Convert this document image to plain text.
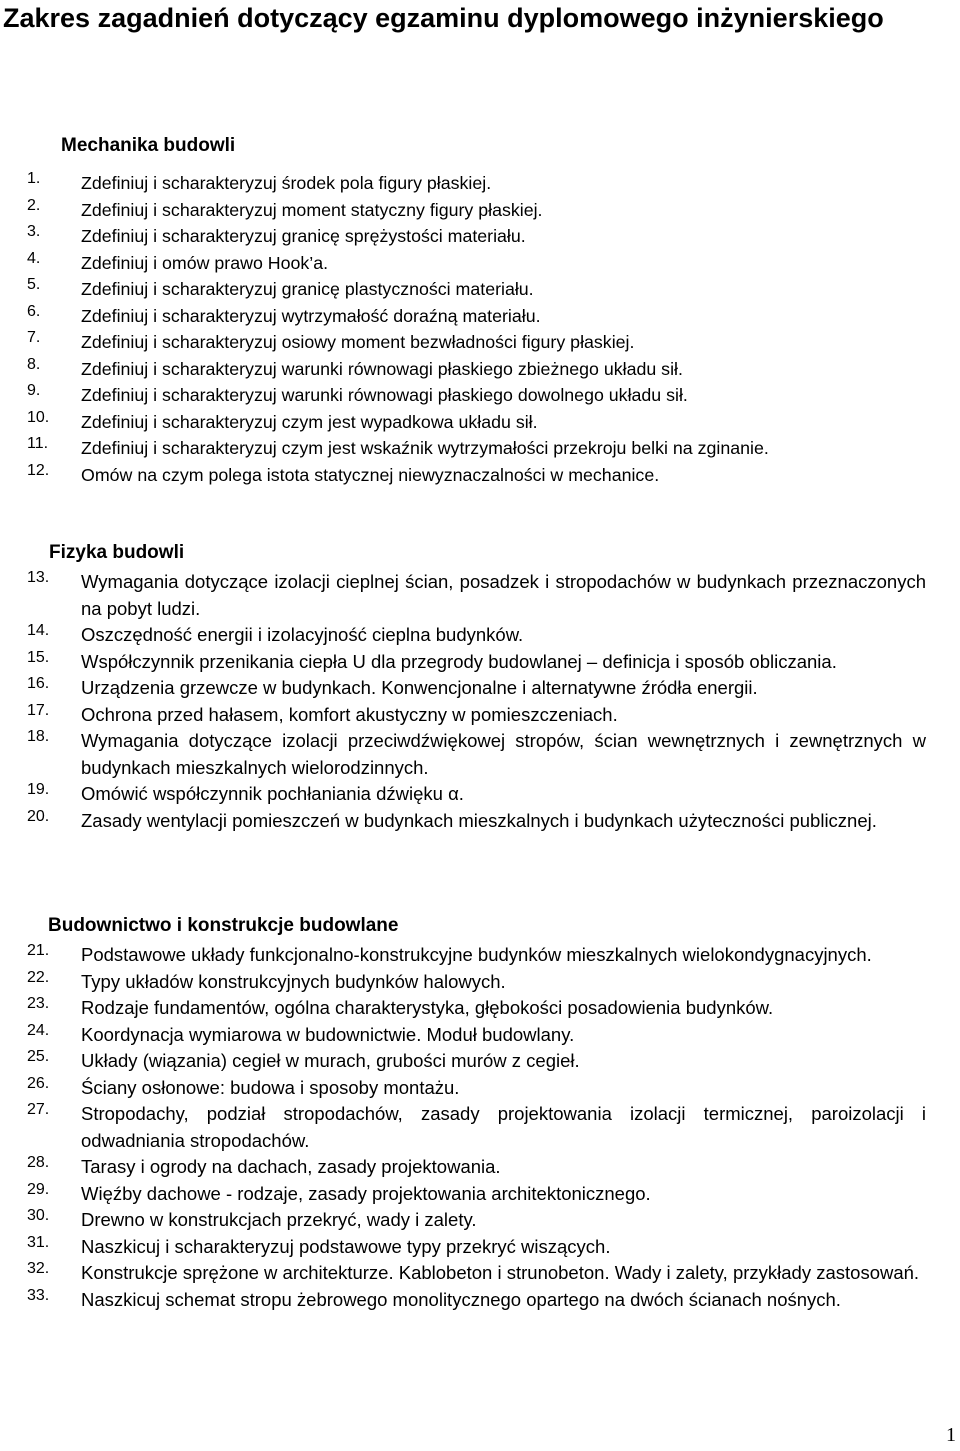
Zakres zagadnień dotyczący egzaminu dyplomowego inżynierskiego
Mechanika budowli
1. Zdefiniuj i scharakteryzuj środek pola figury płaskiej.
2. Zdefiniuj i scharakteryzuj moment statyczny figury płaskiej.
3. Zdefiniuj i scharakteryzuj granicę sprężystości materiału.
4. Zdefiniuj i omów prawo Hook’a.
5. Zdefiniuj i scharakteryzuj granicę plastyczności materiału.
6. Zdefiniuj i scharakteryzuj wytrzymałość doraźną materiału.
7. Zdefiniuj i scharakteryzuj osiowy moment bezwładności figury płaskiej.
8. Zdefiniuj i scharakteryzuj warunki równowagi płaskiego zbieżnego układu sił.
9. Zdefiniuj i scharakteryzuj warunki równowagi płaskiego dowolnego układu sił.
10. Zdefiniuj i scharakteryzuj czym jest wypadkowa układu sił.
11. Zdefiniuj i scharakteryzuj czym jest wskaźnik wytrzymałości przekroju belki na zginanie.
12. Omów na czym polega istota statycznej niewyznaczalności w mechanice.
Fizyka budowli
13. Wymagania dotyczące izolacji cieplnej ścian, posadzek i stropodachów w budynkach przeznaczonych na pobyt ludzi.
14. Oszczędność energii i izolacyjność cieplna budynków.
15. Współczynnik przenikania ciepła U dla przegrody budowlanej – definicja i sposób obliczania.
16. Urządzenia grzewcze w budynkach. Konwencjonalne i alternatywne źródła energii.
17. Ochrona przed hałasem, komfort akustyczny w pomieszczeniach.
18. Wymagania dotyczące izolacji przeciwdźwiękowej stropów, ścian wewnętrznych i zewnętrznych w budynkach mieszkalnych wielorodzinnych.
19. Omówić współczynnik pochłaniania dźwięku α.
20. Zasady wentylacji pomieszczeń w budynkach mieszkalnych i budynkach użyteczności publicznej.
Budownictwo i konstrukcje budowlane
21. Podstawowe układy funkcjonalno-konstrukcyjne budynków mieszkalnych wielokondygnacyjnych.
22. Typy układów konstrukcyjnych budynków halowych.
23. Rodzaje fundamentów, ogólna charakterystyka, głębokości posadowienia budynków.
24. Koordynacja wymiarowa w budownictwie. Moduł budowlany.
25. Układy (wiązania) cegieł w murach, grubości murów z cegieł.
26. Ściany osłonowe: budowa i sposoby montażu.
27. Stropodachy, podział stropodachów, zasady projektowania izolacji termicznej, paroizolacji i odwadniania stropodachów.
28. Tarasy i ogrody na dachach, zasady projektowania.
29. Więźby dachowe - rodzaje, zasady projektowania architektonicznego.
30. Drewno w konstrukcjach przekryć, wady i zalety.
31. Naszkicuj i scharakteryzuj podstawowe typy przekryć wiszących.
32. Konstrukcje sprężone w architekturze. Kablobeton i strunobeton. Wady i zalety, przykłady zastosowań.
33. Naszkicuj schemat stropu żebrowego monolitycznego opartego na dwóch ścianach nośnych.
1
